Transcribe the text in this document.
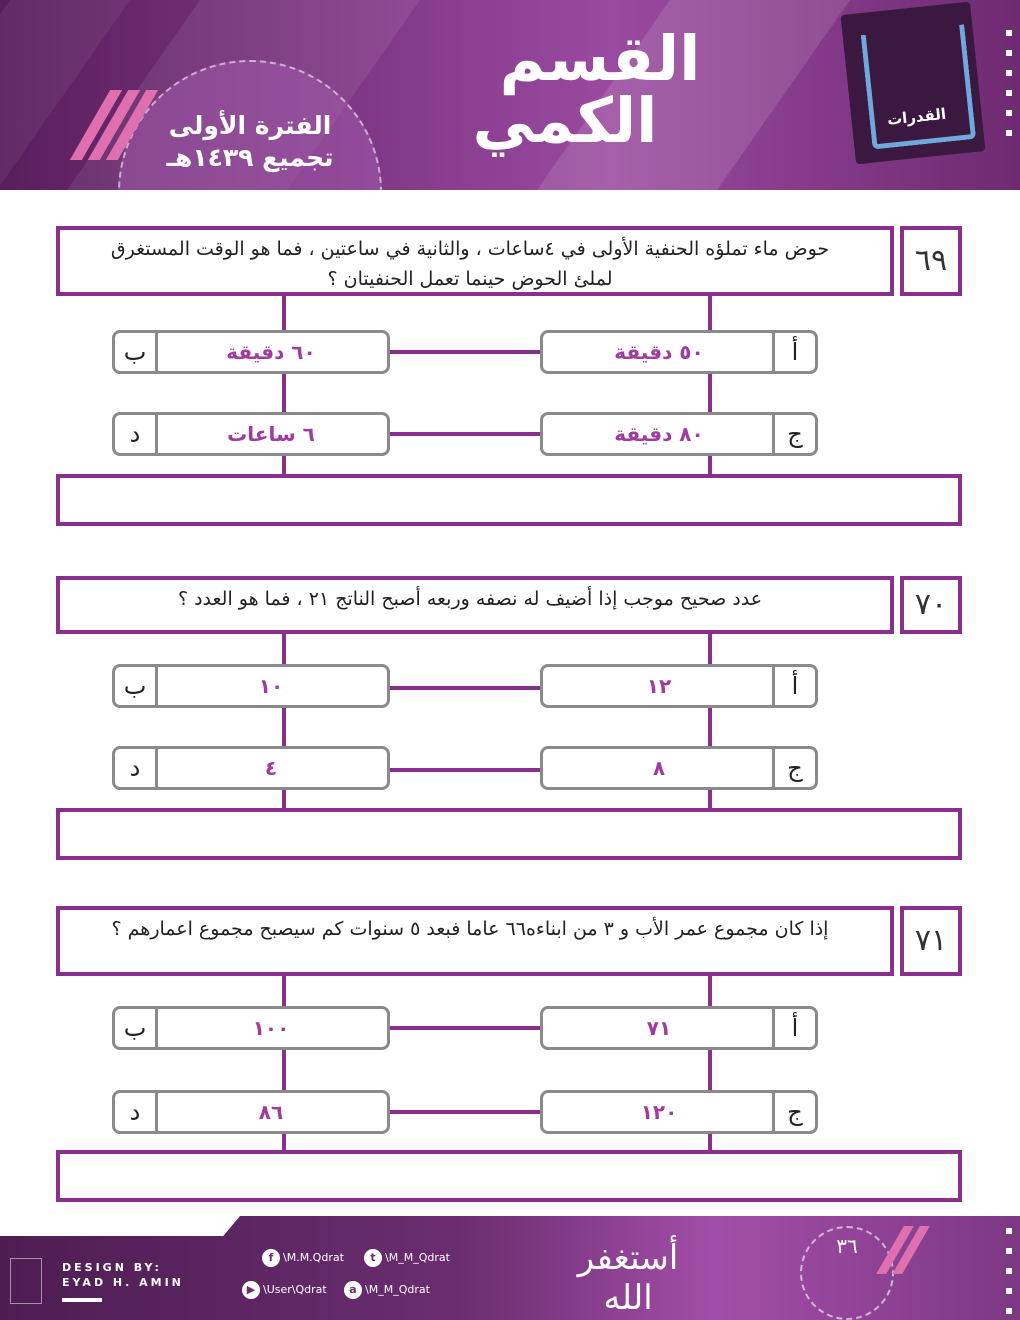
الفترة الأولى
تجميع ١٤٣٩هـ
القسم
الكمي	القدرات
حوض ماء تملؤه الحنفية الأولى في ٤ساعات ، والثانية في ساعتين ، فما هو الوقت المستغرق لملئ الحوض حينما تعمل الحنفيتان ؟
٦٩
٥٠ دقيقة	أ
ب	٦٠ دقيقة
٨٠ دقيقة	ج
د	٦ ساعات
عدد صحيح موجب إذا أضيف له نصفه وربعه أصبح الناتج ٢١ ، فما هو العدد ؟	٧٠
١٢	أ
ب	١٠
٨	ج
د	٤
إذا كان مجموع عمر الأب و ٣ من ابناءه٦٦ عاما فبعد ٥ سنوات كم سيصبح مجموع اعمارهم ؟	٧١
٧١	أ
ب	١٠٠
١٢٠	ج
د	٨٦
DESIGN BY:
EYAD H. AMIN
f \M.M.Qdrat	t \M_M_Qdrat
▶ \User\Qdrat	a \M_M_Qdrat
أستغفر الله
٣٦
